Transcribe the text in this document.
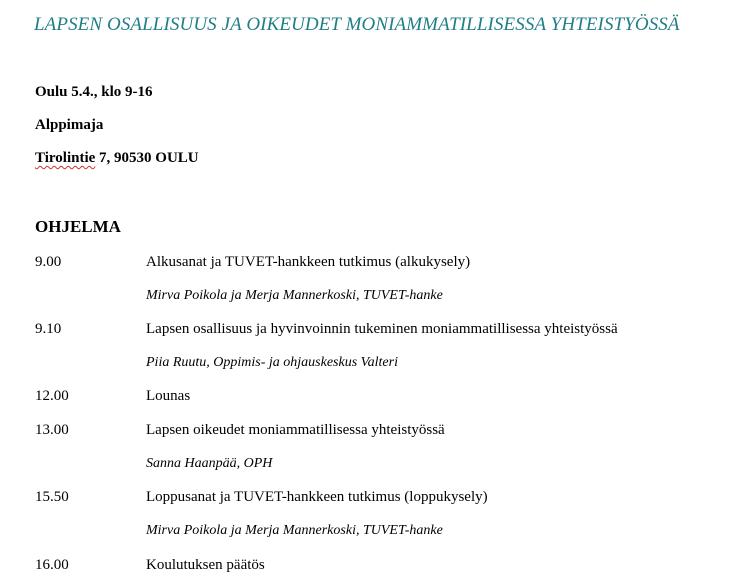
LAPSEN OSALLISUUS JA OIKEUDET MONIAMMATILLISESSA YHTEISTYÖSSÄ
Oulu 5.4., klo 9-16
Alppimaja
Tirolintie 7, 90530 OULU
OHJELMA
9.00	Alkusanat ja TUVET-hankkeen tutkimus (alkukysely)
Mirva Poikola ja Merja Mannerkoski, TUVET-hanke
9.10	Lapsen osallisuus ja hyvinvoinnin tukeminen moniammatillisessa yhteistyössä
Piia Ruutu, Oppimis- ja ohjauskeskus Valteri
12.00	Lounas
13.00	Lapsen oikeudet moniammatillisessa yhteistyössä
Sanna Haanpää, OPH
15.50	Loppusanat ja TUVET-hankkeen tutkimus (loppukysely)
Mirva Poikola ja Merja Mannerkoski, TUVET-hanke
16.00	Koulutuksen päätös
